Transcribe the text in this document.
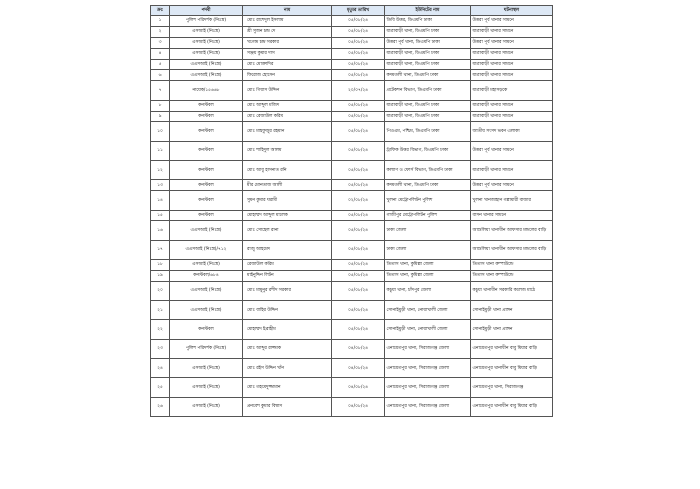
ক্রঃ	পদবী	নাম	মৃত্যুর তারিখ	ইউনিটের নাম	ঘটনাস্থল
১	পুলিশ পরিদর্শক (নিঃস্ত্র)	মোঃ রাশেদুল ইসলাম	০৫/০৮/২৪	ডিবি উত্তর, ডিএমপি ঢাকা	উত্তরা পূর্ব থানার সামনে
২	এসআই (নিঃস্ত্র)	শ্রী সুজন চন্দ্র দে	০৫/০৮/২৪	যাত্রাবাড়ী থানা, ডিএমপি ঢাকা	যাত্রাবাড়ী থানার সামনে
৩	এসআই (নিঃস্ত্র)	খগেন্দ্র চন্দ্র সরকার	০৫/০৮/২৪	উত্তরা পূর্ব থানা, ডিএমপি ঢাকা	উত্তরা পূর্ব থানার সামনে
৪	এসআই (নিঃস্ত্র)	সঞ্জয় কুমার দাস	০৫/০৮/২৪	যাত্রাবাড়ী থানা, ডিএমপি ঢাকা	যাত্রাবাড়ী থানার সামনে
৫	এএসআই (নিঃস্ত্র)	মোঃ মোক্তাদির	০৫/০৮/২৪	যাত্রাবাড়ী থানা, ডিএমপি ঢাকা	যাত্রাবাড়ী থানার সামনে
৬	এএসআই (নিঃস্ত্র)	ফিরোজ হোসেন	০৫/০৮/২৪	কদমতলী থানা, ডিএমপি ঢাকা	যাত্রাবাড়ী থানার সামনে
৭	নায়েক/১৫৬৬৮	মোঃ গিয়াস উদ্দিন	২০/০৭/২৪	প্রটেকশন বিভাগ, ডিএমপি ঢাকা	যাত্রাবাড়ী মহাসড়কে
৮	কনস্টবল	মোঃ আব্দুল মজিদ	০৫/০৮/২৪	যাত্রাবাড়ী থানা, ডিএমপি ঢাকা	যাত্রাবাড়ী থানার সামনে
৯	কনস্টবল	মোঃ রেজাউল করিম	০৫/০৮/২৪	যাত্রাবাড়ী থানা, ডিএমপি ঢাকা	যাত্রাবাড়ী থানার সামনে
১০	কনস্টবল	মোঃ মাহফুজুর রহমান	০৫/০৮/২৪	পিওএম, পশ্চিম, ডিএমপি ঢাকা	জাতীয় সংসদ ভবন এলাকা
১১	কনস্টবল	মোঃ শাহিদুল আলম	০৫/০৮/২৪	ট্রাফিক উত্তর বিভাগ, ডিএমপি ঢাকা	উত্তরা পূর্ব থানার সামনে
১২	কনস্টবল	মোঃ আবু হাসনাত রনি	০৫/০৮/২৪	কল্যাণ ও ফোর্স বিভাগ, ডিএমপি ঢাকা	যাত্রাবাড়ী থানার সামনে
১৩	কনস্টবল	মীর মোনতাজ আলী	০৫/০৮/২৪	কদমতলী থানা, ডিএমপি ঢাকা	উত্তরা পূর্ব থানার সামনে
১৪	কনস্টবল	সুমন কুমার ঘরামী	০২/০৮/২৪	খুলনা মেট্রোপলিটন পুলিশ	খুলনা খানজাহান গল্লামারী বাজার
১৫	কনস্টবল	মোহাম্মদ আব্দুল মালেক	০৫/০৮/২৪	গাজীপুর মেট্রোপলিটন পুলিশ	বাসন থানার সামনে
১৬	এএসআই (নিঃস্ত্র)	মোঃ সোহেল রানা	০৫/০৮/২৪	ঢাকা জেলা	আশুলিয়া থানাধীন আফসার মন্ডলের বাড়ি
১৭	এএসআই (নিঃস্ত্র)/৭১২	রাজু আহমেদ	০৫/০৮/২৪	ঢাকা জেলা	আশুলিয়া থানাধীন আফসার মন্ডলের বাড়ি
১৮	এসআই (নিঃস্ত্র)	রেজাউল করিম	০৫/০৮/২৪	তিতাস থানা, কুমিল্লা জেলা	তিতাস থানা কম্পাউন্ডে
১৯	কনস্টবল/৬৮৪	মাইনুদ্দিন লিটন	০৫/০৮/২৪	তিতাস থানা, কুমিল্লা জেলা	তিতাস থানা কম্পাউন্ডে
২০	এএসআই (নিঃস্ত্র)	মোঃ মামুনুর রশীদ সরকার	০৫/০৮/২৪	কচুয়া থানা, চাঁদপুর জেলা	কচুয়া থানাধীন সরকারি কলেজ মাঠে
২১	এএসআই (নিঃস্ত্র)	মোঃ বাহির উদ্দিন	০৫/০৮/২৪	সোনাইমুড়ী থানা, নোয়াখালী জেলা	সোনাইমুড়ী থানা প্রাঙ্গন
২২	কনস্টবল	মোহাম্মদ ইব্রাহীম	০৫/০৮/২৪	সোনাইমুড়ী থানা, নোয়াখালী জেলা	সোনাইমুড়ী থানা প্রাঙ্গন
২৩	পুলিশ পরিদর্শক (নিঃস্ত্র)	মোঃ আব্দুর রাজ্জাক	০৪/০৮/২৪	এনায়েতপুর থানা, সিরাজগঞ্জ জেলা	এনায়েতপুর থানাধীন বাবু মিয়ার বাড়ি
২৪	এসআই (নিঃস্ত্র)	মোঃ রইস উদ্দিন খাঁন	০৪/০৮/২৪	এনায়েতপুর থানা, সিরাজগঞ্জ জেলা	এনায়েতপুর থানাধীন বাবু মিয়ার বাড়ি
২৫	এসআই (নিঃস্ত্র)	মোঃ তহমেদুজ্জামান	০৪/০৮/২৪	এনায়েতপুর থানা, সিরাজগঞ্জ জেলা	এনায়েতপুর থানা, সিরাজগঞ্জ
২৬	এসআই (নিঃস্ত্র)	প্রনবেশ কুমার বিশ্বাস	০৪/০৮/২৪	এনায়েতপুর থানা, সিরাজগঞ্জ জেলা	এনায়েতপুর থানাধীন বাবু মিয়ার বাড়ি
